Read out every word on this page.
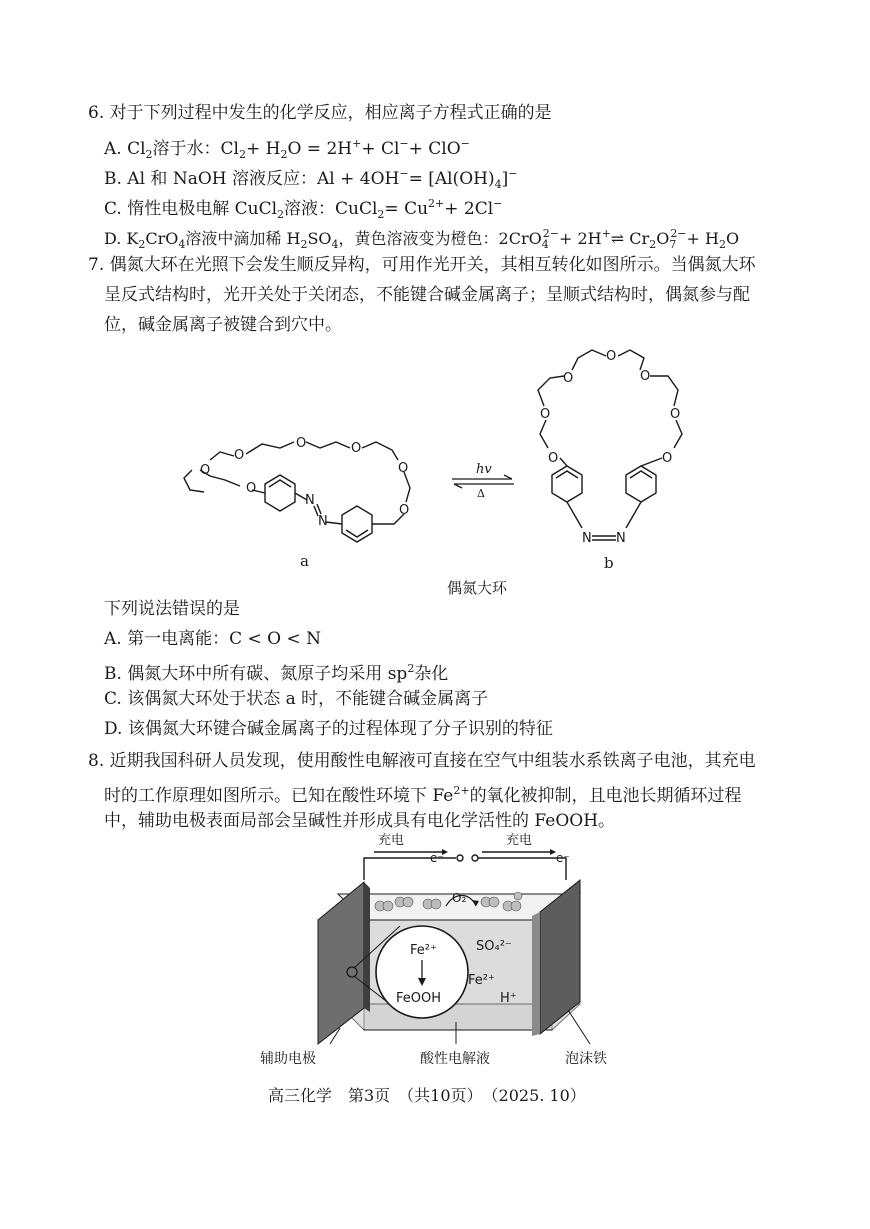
6. 对于下列过程中发生的化学反应，相应离子方程式正确的是
A. $Cl_2$溶于水：$Cl_2+ H_2O = 2H^++ Cl^-+ ClO^-$
B. Al 和 NaOH 溶液反应：$Al + 4OH^-= [Al(OH)_4]^-$
C. 惰性电极电解 CuCl$_2$溶液：CuCl$_2$= $Cu^{2+}+ 2Cl^-$
D. $K_2CrO_4$溶液中滴加稀 $H_2SO_4$，黄色溶液变为橙色：2CrO$_4^{2-}$+ 2H+⇌ $Cr_2O_7^{2-}+ H_2O$
7. 偶氮大环在光照下会发生顺反异构，可用作光开关，其相互转化如图所示。当偶氮大环
呈反式结构时，光开关处于关闭态，不能键合碱金属离子；呈顺式结构时，偶氮参与配
位，碱金属离子被键合到穴中。
O
O
O
O	O
O
O
N
N
a
hv
Δ
O
O
O
O
O
O
O
N N
b
偶氮大环
下列说法错误的是
A. 第一电离能：C < O < N
B. 偶氮大环中所有碳、氮原子均采用 $sp^2$杂化
C. 该偶氮大环处于状态 a 时，不能键合碱金属离子
D. 该偶氮大环键合碱金属离子的过程体现了分子识别的特征
8. 近期我国科研人员发现，使用酸性电解液可直接在空气中组装水系铁离子电池，其充电
时的工作原理如图所示。已知在酸性环境下 $Fe^{2+}$的氧化被抑制，且电池长期循环过程
中，辅助电极表面局部会呈碱性并形成具有电化学活性的 FeOOH。
充电
e⁻
充电
e⁻
O₂
Fe²⁺
FeOOH
SO₄²⁻
Fe²⁺
H⁺
辅助电极	酸性电解液	泡沫铁
高三化学　第3页　（共10页）　（2025. 10）
